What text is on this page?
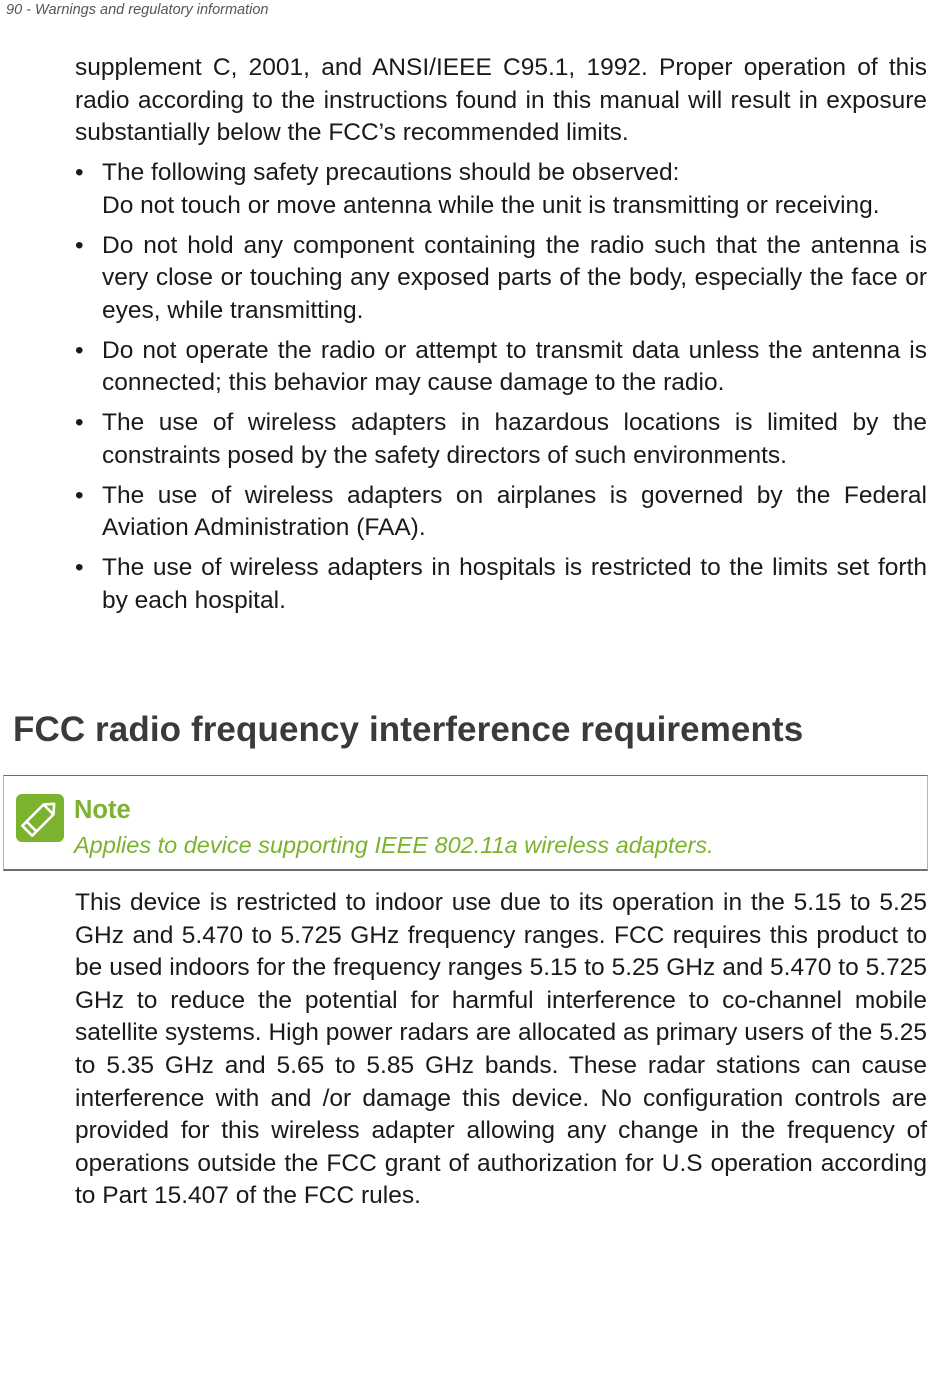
90 - Warnings and regulatory information

supplement C, 2001, and ANSI/IEEE C95.1, 1992. Proper operation of this radio according to the instructions found in this manual will result in exposure substantially below the FCC’s recommended limits.

• The following safety precautions should be observed:
Do not touch or move antenna while the unit is transmitting or receiving.
• Do not hold any component containing the radio such that the antenna is very close or touching any exposed parts of the body, especially the face or eyes, while transmitting.
• Do not operate the radio or attempt to transmit data unless the antenna is connected; this behavior may cause damage to the radio.
• The use of wireless adapters in hazardous locations is limited by the constraints posed by the safety directors of such environments.
• The use of wireless adapters on airplanes is governed by the Federal Aviation Administration (FAA).
• The use of wireless adapters in hospitals is restricted to the limits set forth by each hospital.
FCC radio frequency interference requirements
Note
Applies to device supporting IEEE 802.11a wireless adapters.

This device is restricted to indoor use due to its operation in the 5.15 to 5.25 GHz and 5.470 to 5.725 GHz frequency ranges. FCC requires this product to be used indoors for the frequency ranges 5.15 to 5.25 GHz and 5.470 to 5.725 GHz to reduce the potential for harmful interference to co-channel mobile satellite systems. High power radars are allocated as primary users of the 5.25 to 5.35 GHz and 5.65 to 5.85 GHz bands. These radar stations can cause interference with and /or damage this device. No configuration controls are provided for this wireless adapter allowing any change in the frequency of operations outside the FCC grant of authorization for U.S operation according to Part 15.407 of the FCC rules.
